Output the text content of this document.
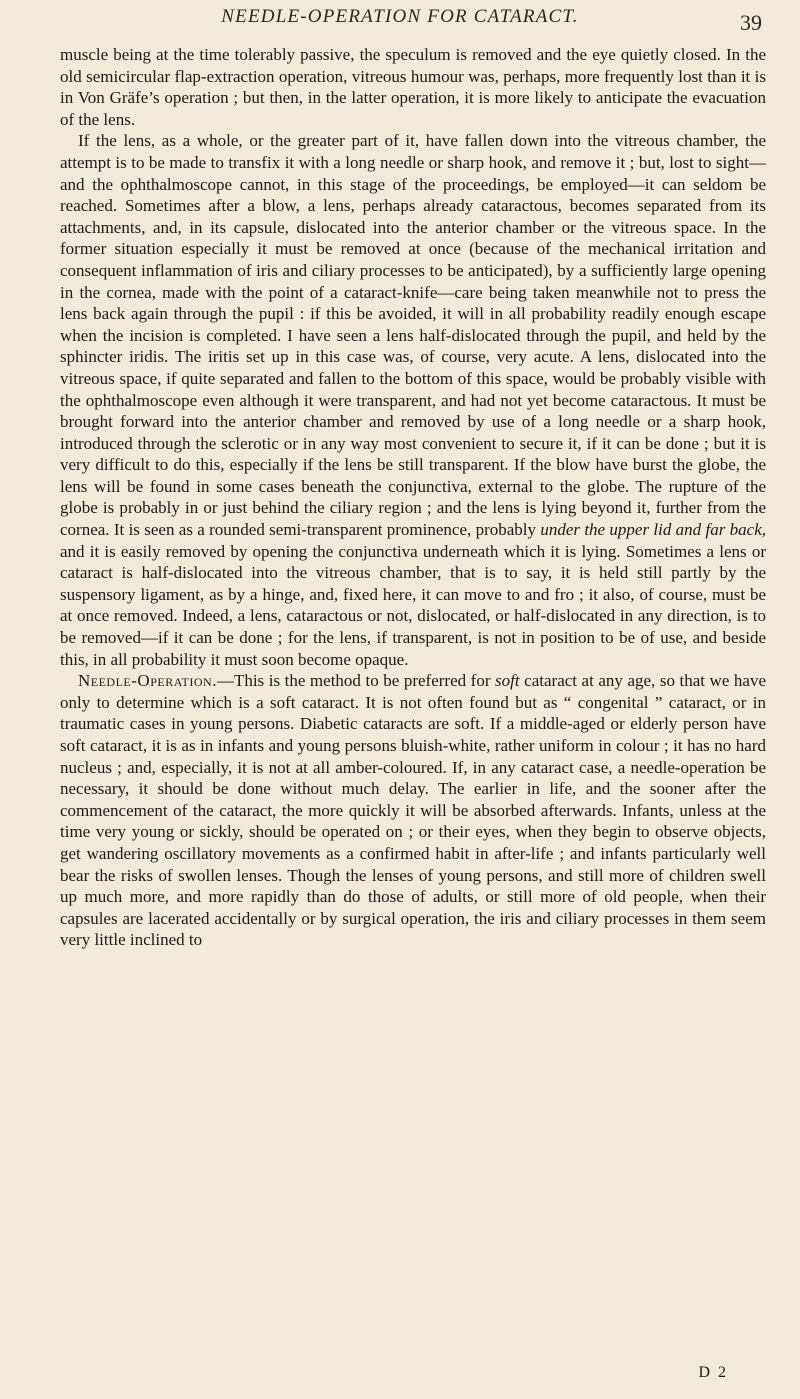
NEEDLE-OPERATION FOR CATARACT.	39

muscle being at the time tolerably passive, the speculum is removed and the eye quietly closed. In the old semicircular flap-extraction operation, vitreous humour was, perhaps, more frequently lost than it is in Von Gräfe’s operation ; but then, in the latter operation, it is more likely to anticipate the evacuation of the lens.

If the lens, as a whole, or the greater part of it, have fallen down into the vitreous chamber, the attempt is to be made to transfix it with a long needle or sharp hook, and remove it ; but, lost to sight—and the ophthalmoscope cannot, in this stage of the proceedings, be employed—it can seldom be reached. Sometimes after a blow, a lens, perhaps already cataractous, becomes separated from its attachments, and, in its capsule, dislocated into the anterior chamber or the vitreous space. In the former situation especially it must be removed at once (because of the mechanical irritation and consequent inflammation of iris and ciliary processes to be anticipated), by a sufficiently large opening in the cornea, made with the point of a cataract-knife—care being taken meanwhile not to press the lens back again through the pupil : if this be avoided, it will in all probability readily enough escape when the incision is completed. I have seen a lens half-dislocated through the pupil, and held by the sphincter iridis. The iritis set up in this case was, of course, very acute. A lens, dislocated into the vitreous space, if quite separated and fallen to the bottom of this space, would be probably visible with the ophthalmoscope even although it were transparent, and had not yet become cataractous. It must be brought forward into the anterior chamber and removed by use of a long needle or a sharp hook, introduced through the sclerotic or in any way most convenient to secure it, if it can be done ; but it is very difficult to do this, especially if the lens be still transparent. If the blow have burst the globe, the lens will be found in some cases beneath the conjunctiva, external to the globe. The rupture of the globe is probably in or just behind the ciliary region ; and the lens is lying beyond it, further from the cornea. It is seen as a rounded semi-transparent prominence, probably under the upper lid and far back, and it is easily removed by opening the conjunctiva underneath which it is lying. Sometimes a lens or cataract is half-dislocated into the vitreous chamber, that is to say, it is held still partly by the suspensory ligament, as by a hinge, and, fixed here, it can move to and fro ; it also, of course, must be at once removed. Indeed, a lens, cataractous or not, dislocated, or half-dislocated in any direction, is to be removed—if it can be done ; for the lens, if transparent, is not in position to be of use, and beside this, in all probability it must soon become opaque.

Needle-Operation.—This is the method to be preferred for soft cataract at any age, so that we have only to determine which is a soft cataract. It is not often found but as “ congenital ” cataract, or in traumatic cases in young persons. Diabetic cataracts are soft. If a middle-aged or elderly person have soft cataract, it is as in infants and young persons bluish-white, rather uniform in colour ; it has no hard nucleus ; and, especially, it is not at all amber-coloured. If, in any cataract case, a needle-operation be necessary, it should be done without much delay. The earlier in life, and the sooner after the commencement of the cataract, the more quickly it will be absorbed afterwards. Infants, unless at the time very young or sickly, should be operated on ; or their eyes, when they begin to observe objects, get wandering oscillatory movements as a confirmed habit in after-life ; and infants particularly well bear the risks of swollen lenses. Though the lenses of young persons, and still more of children swell up much more, and more rapidly than do those of adults, or still more of old people, when their capsules are lacerated accidentally or by surgical operation, the iris and ciliary processes in them seem very little inclined to

D 2
